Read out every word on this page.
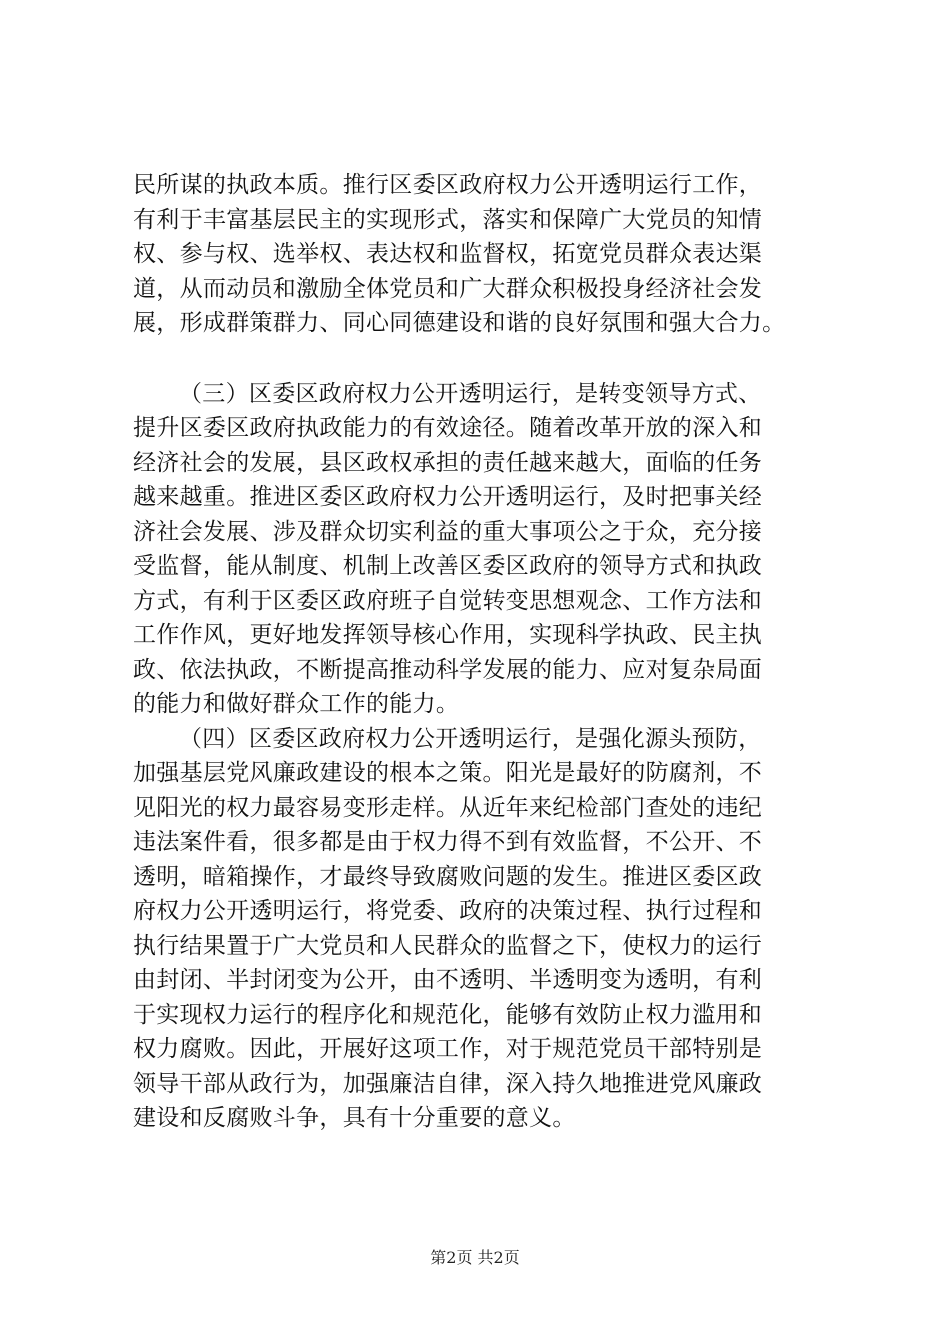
民所谋的执政本质。推行区委区政府权力公开透明运行工作，
有利于丰富基层民主的实现形式，落实和保障广大党员的知情
权、参与权、选举权、表达权和监督权，拓宽党员群众表达渠
道，从而动员和激励全体党员和广大群众积极投身经济社会发
展，形成群策群力、同心同德建设和谐的良好氛围和强大合力。
（三）区委区政府权力公开透明运行，是转变领导方式、
提升区委区政府执政能力的有效途径。随着改革开放的深入和
经济社会的发展，县区政权承担的责任越来越大，面临的任务
越来越重。推进区委区政府权力公开透明运行，及时把事关经
济社会发展、涉及群众切实利益的重大事项公之于众，充分接
受监督，能从制度、机制上改善区委区政府的领导方式和执政
方式，有利于区委区政府班子自觉转变思想观念、工作方法和
工作作风，更好地发挥领导核心作用，实现科学执政、民主执
政、依法执政，不断提高推动科学发展的能力、应对复杂局面
的能力和做好群众工作的能力。
（四）区委区政府权力公开透明运行，是强化源头预防，
加强基层党风廉政建设的根本之策。阳光是最好的防腐剂，不
见阳光的权力最容易变形走样。从近年来纪检部门查处的违纪
违法案件看，很多都是由于权力得不到有效监督，不公开、不
透明，暗箱操作，才最终导致腐败问题的发生。推进区委区政
府权力公开透明运行，将党委、政府的决策过程、执行过程和
执行结果置于广大党员和人民群众的监督之下，使权力的运行
由封闭、半封闭变为公开，由不透明、半透明变为透明，有利
于实现权力运行的程序化和规范化，能够有效防止权力滥用和
权力腐败。因此，开展好这项工作，对于规范党员干部特别是
领导干部从政行为，加强廉洁自律，深入持久地推进党风廉政
建设和反腐败斗争，具有十分重要的意义。
第2页 共2页
